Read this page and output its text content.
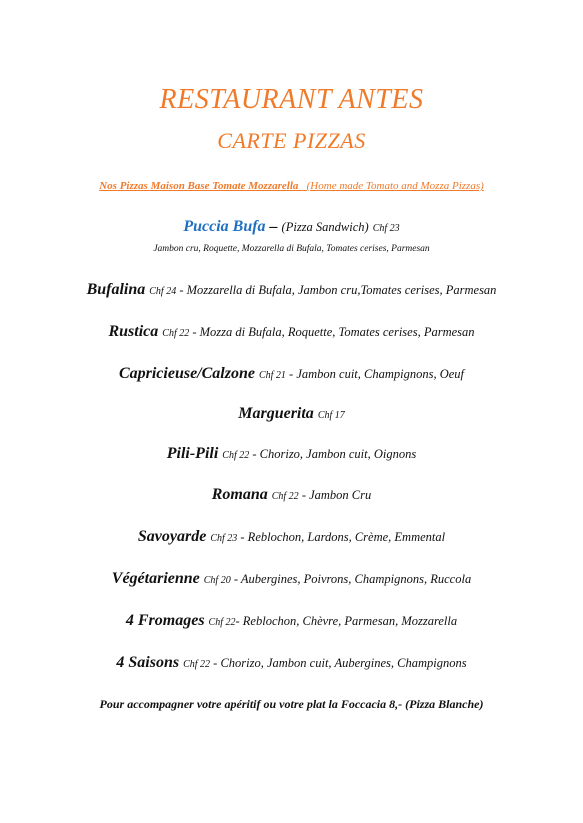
RESTAURANT ANTES
CARTE PIZZAS
Nos Pizzas Maison Base Tomate Mozzarella (Home made Tomato and Mozza Pizzas)
Puccia Bufa – (Pizza Sandwich) Chf 23
Jambon cru, Roquette, Mozzarella di Bufala, Tomates cerises, Parmesan
Bufalina Chf 24 - Mozzarella di Bufala, Jambon cru,Tomates cerises, Parmesan
Rustica Chf 22 - Mozza di Bufala, Roquette, Tomates cerises, Parmesan
Capricieuse/Calzone Chf 21 - Jambon cuit, Champignons, Oeuf
Marguerita Chf 17
Pili-Pili Chf 22 - Chorizo, Jambon cuit, Oignons
Romana Chf 22 - Jambon Cru
Savoyarde Chf 23 - Reblochon, Lardons, Crème, Emmental
Végétarienne Chf 20 - Aubergines, Poivrons, Champignons, Ruccola
4 Fromages Chf 22- Reblochon, Chèvre, Parmesan, Mozzarella
4 Saisons Chf 22 - Chorizo, Jambon cuit, Aubergines, Champignons
Pour accompagner votre apéritif ou votre plat la Foccacia 8,- (Pizza Blanche)
